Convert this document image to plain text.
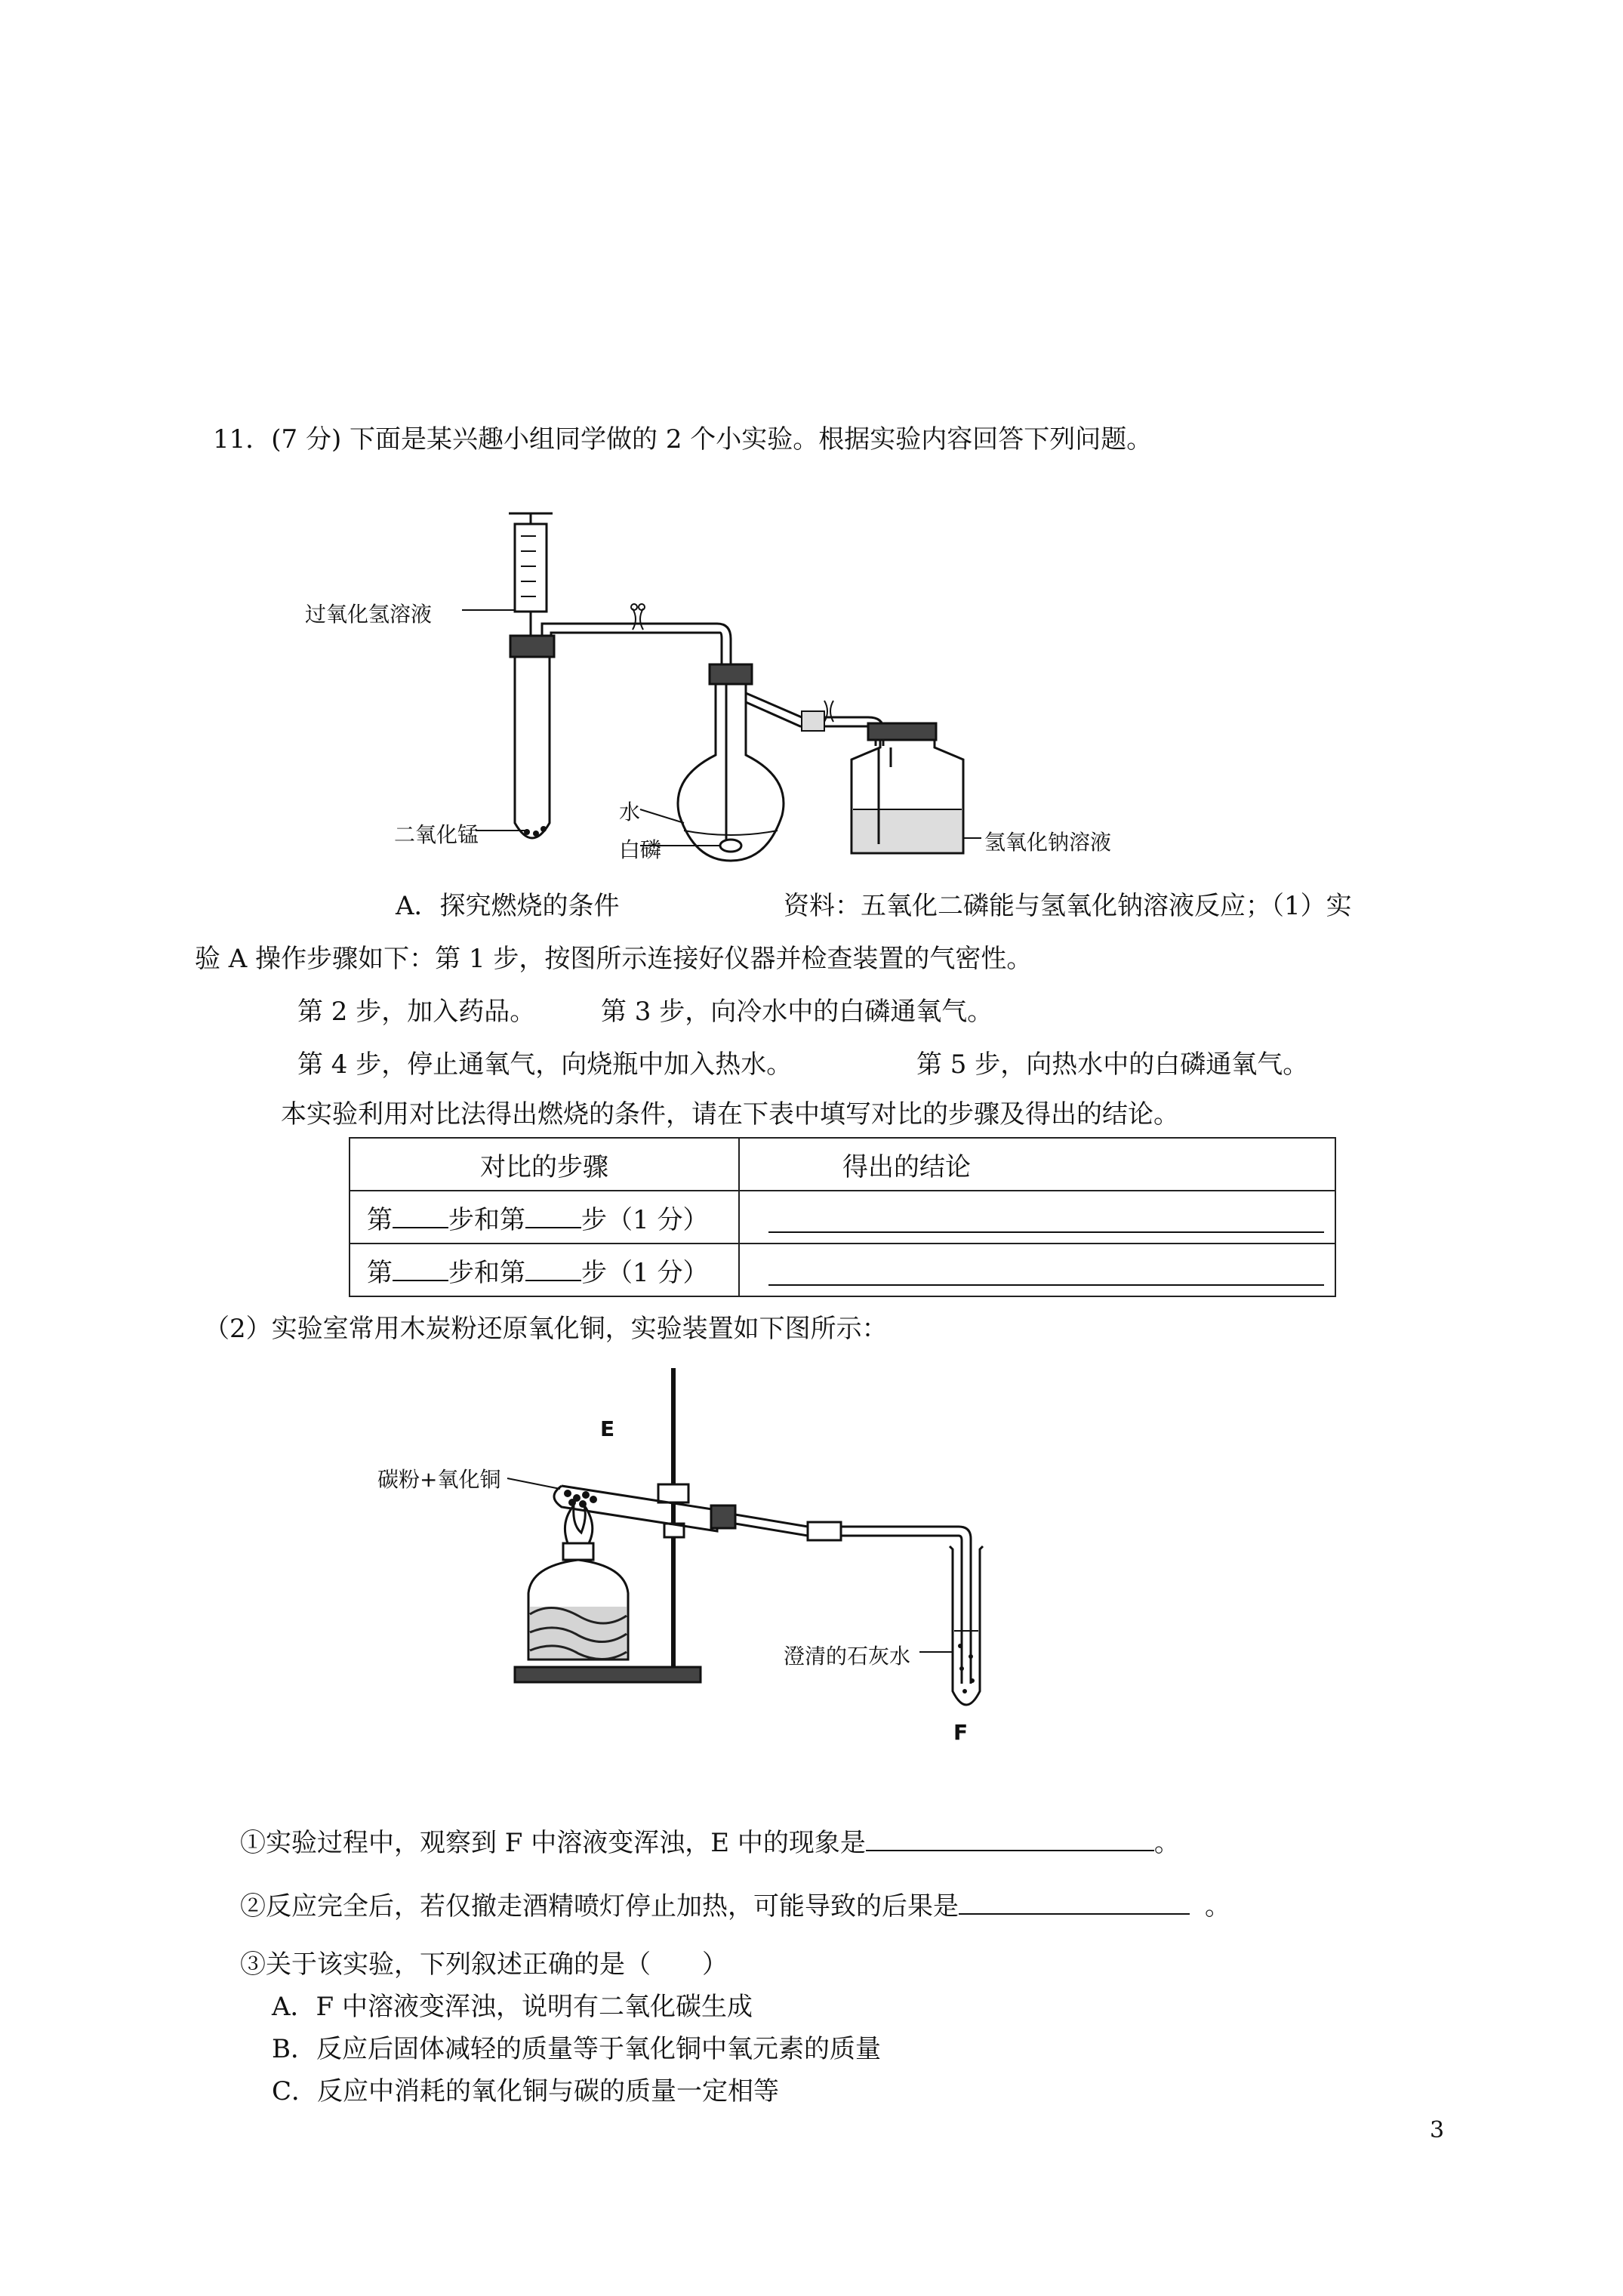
11．(7 分) 下面是某兴趣小组同学做的 2 个小实验。根据实验内容回答下列问题。
过氧化氢溶液
二氧化锰
水
白磷	氢氧化钠溶液
A．探究燃烧的条件	资料：五氧化二磷能与氢氧化钠溶液反应；（1）实
验 A 操作步骤如下：第 1 步，按图所示连接好仪器并检查装置的气密性。
第 2 步，加入药品。	第 3 步，向冷水中的白磷通氧气。
第 4 步，停止通氧气，向烧瓶中加入热水。	第 5 步，向热水中的白磷通氧气。
本实验利用对比法得出燃烧的条件，请在下表中填写对比的步骤及得出的结论。
对比的步骤	得出的结论
第 步和第 步（1 分）	
第 步和第 步（1 分）	
（2）实验室常用木炭粉还原氧化铜，实验装置如下图所示：
E
碳粉+氧化铜
澄清的石灰水
F
①实验过程中，观察到 F 中溶液变浑浊，E 中的现象是	。
②反应完全后，若仅撤走酒精喷灯停止加热，可能导致的后果是	。
③关于该实验，下列叙述正确的是（　　）
A．F 中溶液变浑浊，说明有二氧化碳生成
B．反应后固体减轻的质量等于氧化铜中氧元素的质量
C．反应中消耗的氧化铜与碳的质量一定相等
3
